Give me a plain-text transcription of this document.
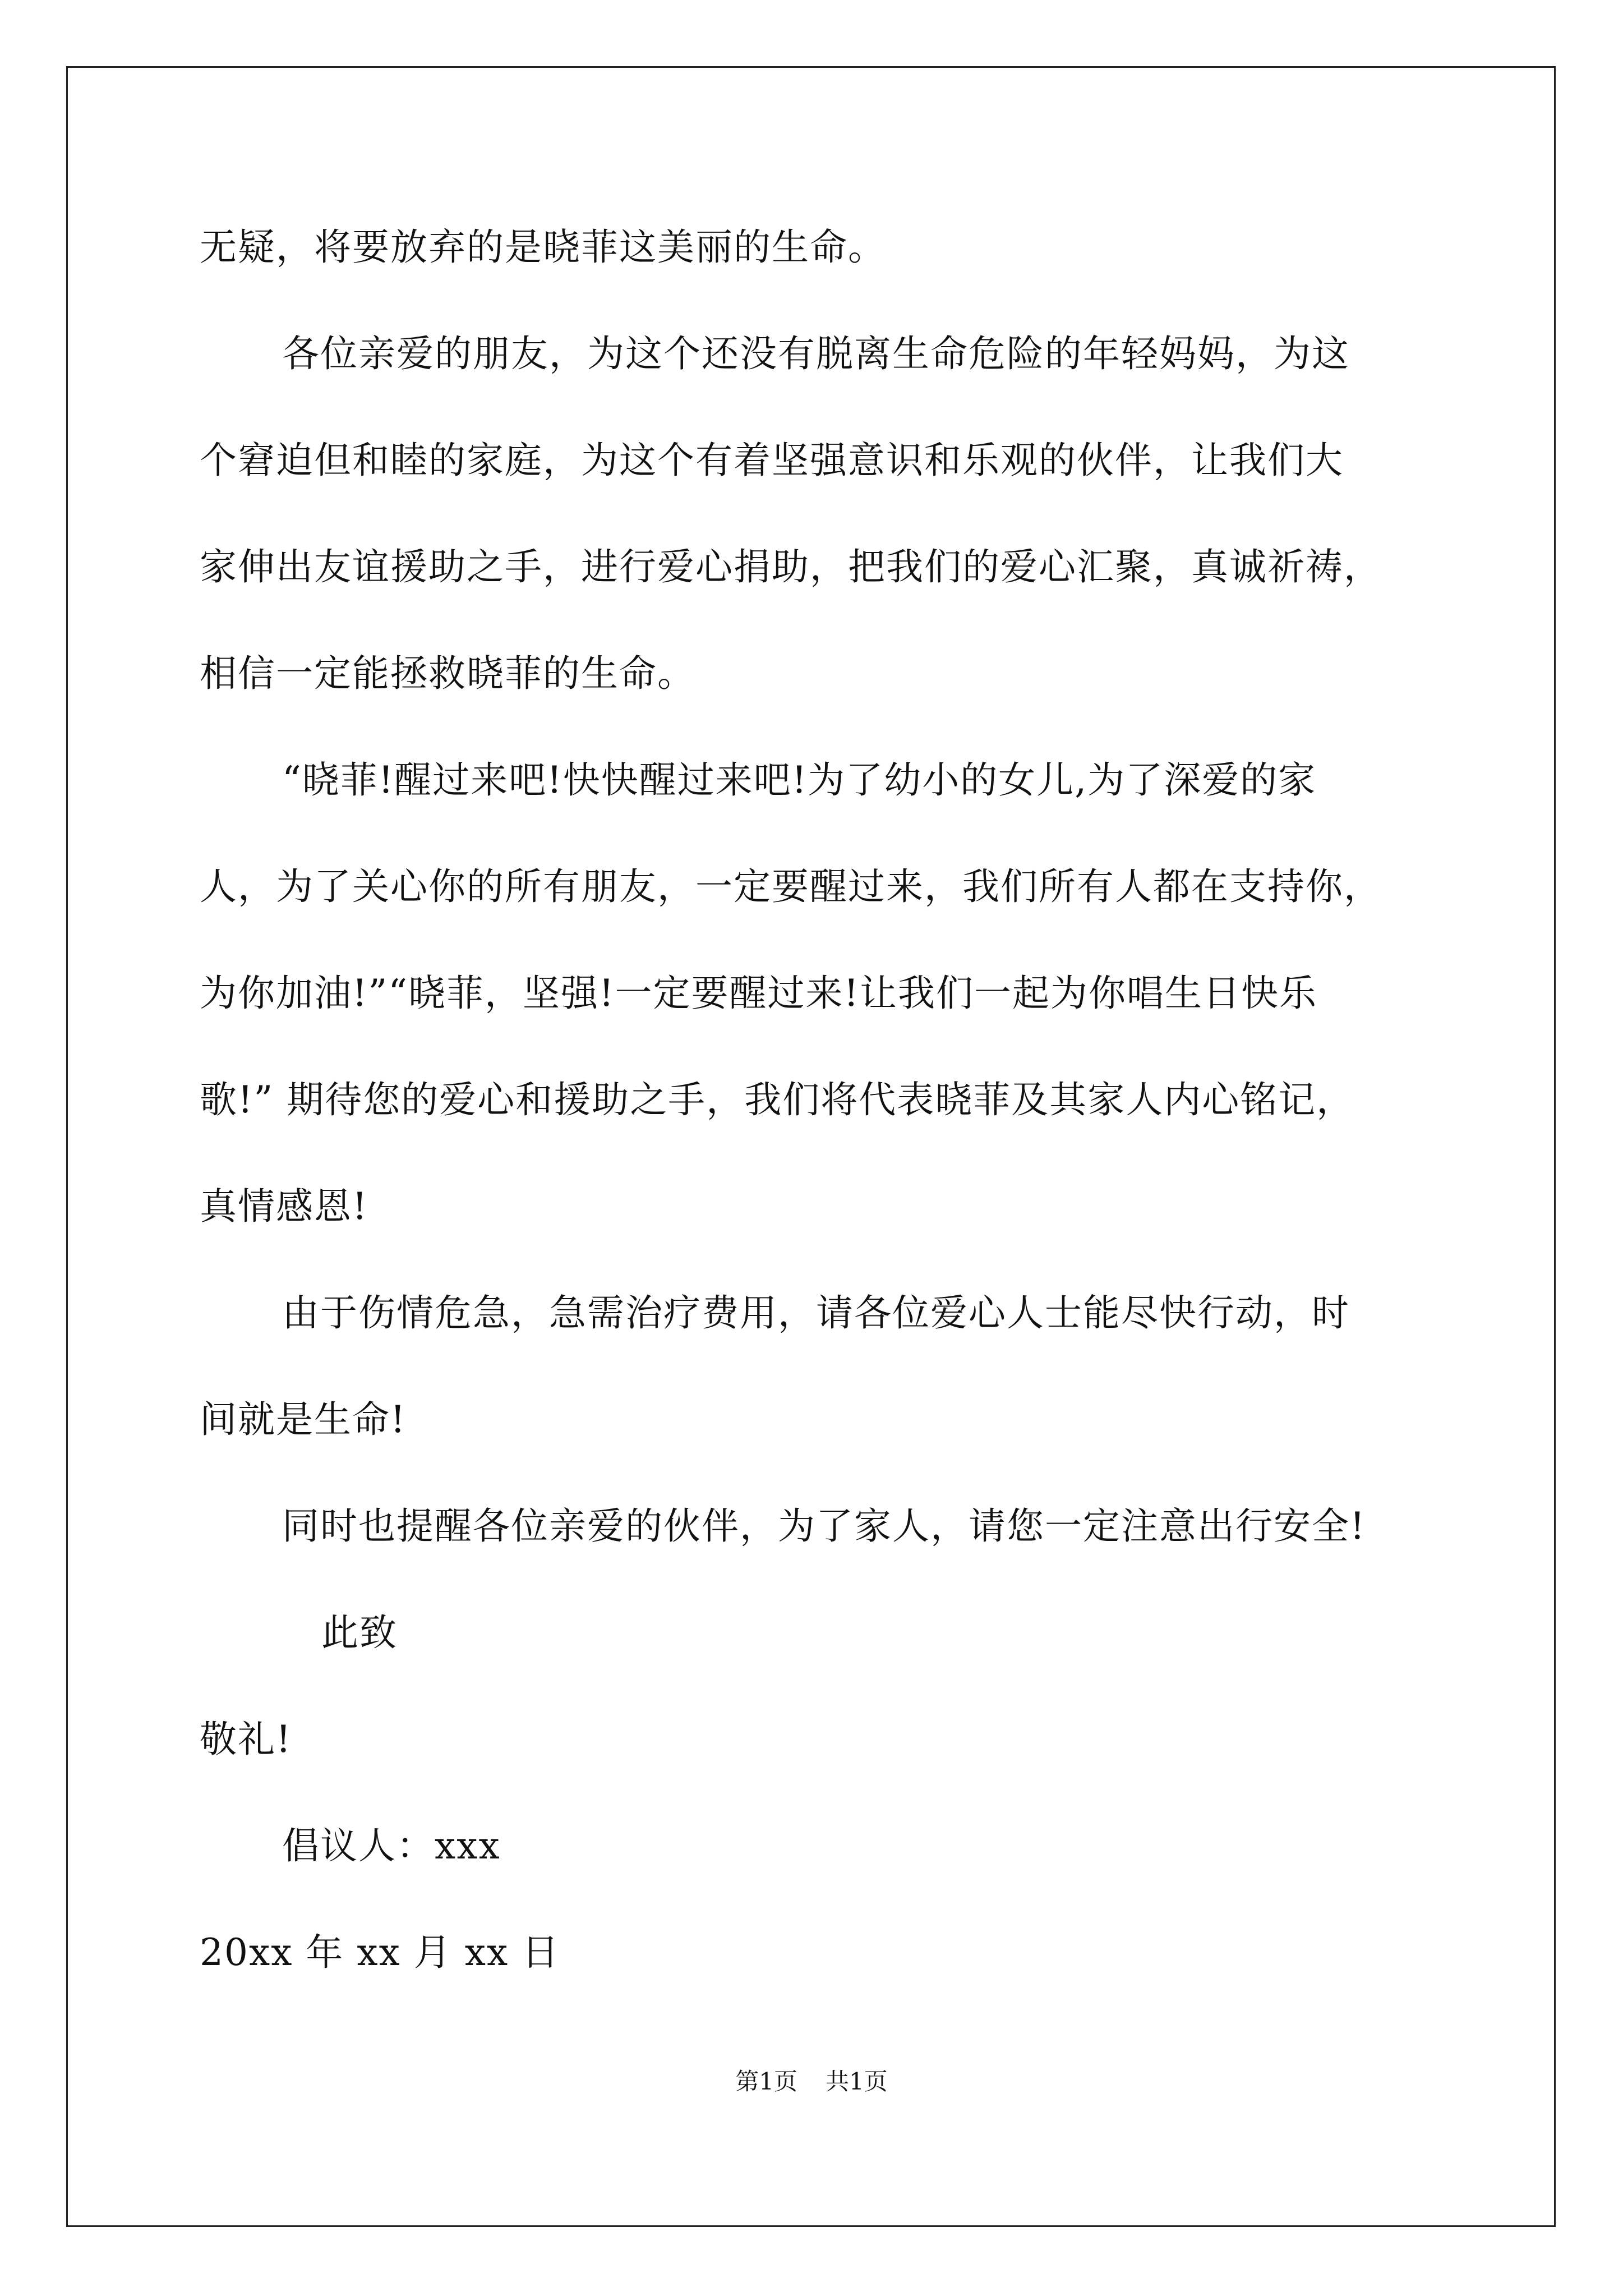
无疑，将要放弃的是晓菲这美丽的生命。
各位亲爱的朋友，为这个还没有脱离生命危险的年轻妈妈，为这
个窘迫但和睦的家庭，为这个有着坚强意识和乐观的伙伴，让我们大
家伸出友谊援助之手，进行爱心捐助，把我们的爱心汇聚，真诚祈祷，
相信一定能拯救晓菲的生命。
“晓菲!醒过来吧!快快醒过来吧!为了幼小的女儿,为了深爱的家
人，为了关心你的所有朋友，一定要醒过来，我们所有人都在支持你，
为你加油!”“晓菲，坚强!一定要醒过来!让我们一起为你唱生日快乐
歌!” 期待您的爱心和援助之手，我们将代表晓菲及其家人内心铭记，
真情感恩!
由于伤情危急，急需治疗费用，请各位爱心人士能尽快行动，时
间就是生命!
同时也提醒各位亲爱的伙伴，为了家人，请您一定注意出行安全!
此致
敬礼!
倡议人：xxx
20xx 年 xx 月 xx 日
第1页 共1页
